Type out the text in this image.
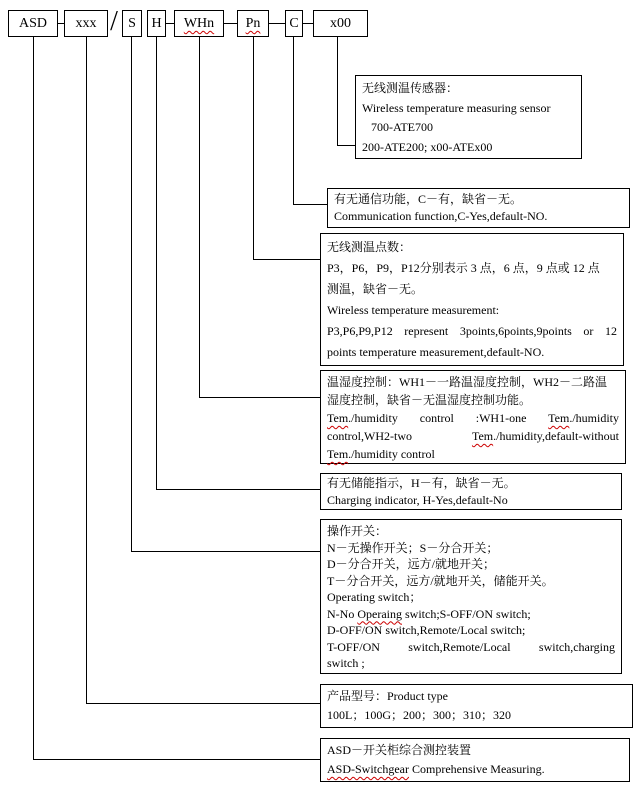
ASD xxx / S H WHn Pn C x00
无线测温传感器：
Wireless temperature measuring sensor
700-ATE700
200-ATE200; x00-ATEx00
有无通信功能，C－有，缺省－无。
Communication function,C-Yes,default-NO.
无线测温点数：
P3，P6，P9，P12分别表示 3 点，6 点，9 点或 12 点
测温，缺省－无。
Wireless temperature measurement:
P3,P6,P9,P12 represent 3points,6points,9points or 12
points temperature measurement,default-NO.
温湿度控制：WH1－一路温湿度控制，WH2－二路温
湿度控制，缺省－无温湿度控制功能。
Tem./humidity control :WH1-one Tem./humidity
control,WH2-two Tem./humidity,default-without
Tem./humidity control
有无储能指示，H－有，缺省－无。
Charging indicator, H-Yes,default-No
操作开关：
N－无操作开关；S－分合开关；
D－分合开关，远方/就地开关；
T－分合开关，远方/就地开关，储能开关。
Operating switch；
N-No Operaing switch;S-OFF/ON switch;
D-OFF/ON switch,Remote/Local switch;
T-OFF/ON switch,Remote/Local switch,charging
switch ;
产品型号：Product type
100L；100G；200；300；310；320
ASD－开关柜综合测控装置
ASD-Switchgear Comprehensive Measuring.
